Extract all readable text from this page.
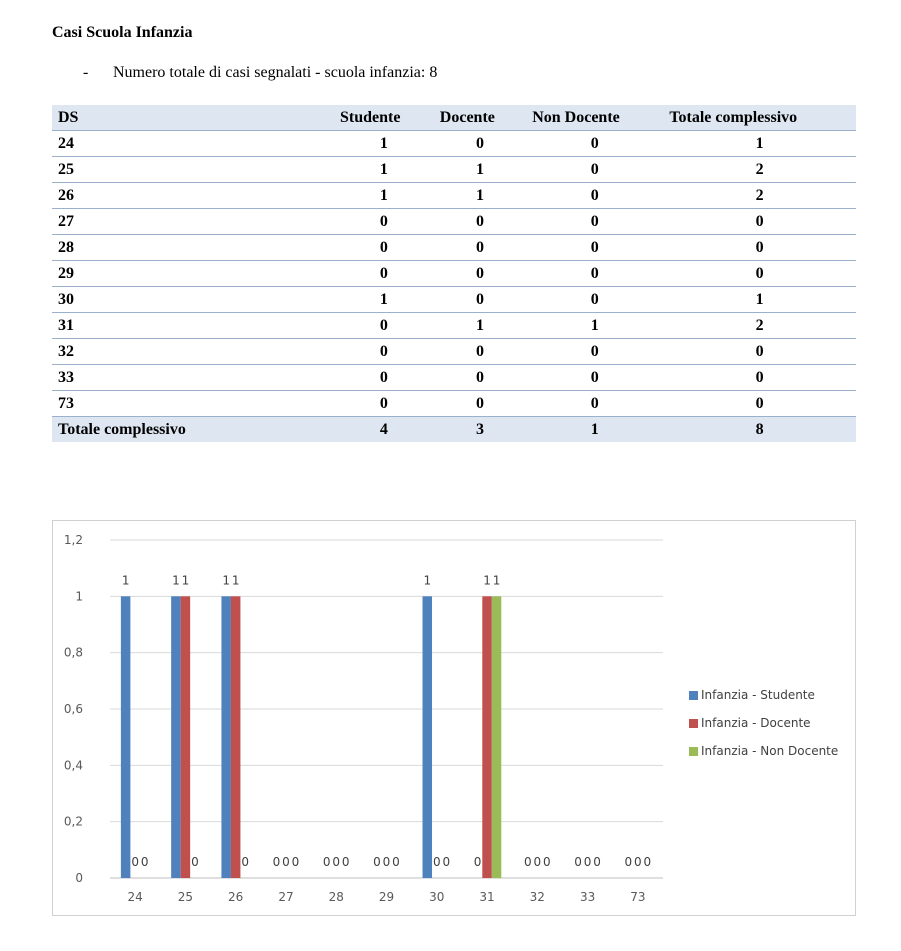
Casi Scuola Infanzia
- Numero totale di casi segnalati - scuola infanzia: 8
DS	Studente	Docente	Non Docente	Totale complessivo
24	1	0	0	1
25	1	1	0	2
26	1	1	0	2
27	0	0	0	0
28	0	0	0	0
29	0	0	0	0
30	1	0	0	1
31	0	1	1	2
32	0	0	0	0
33	0	0	0	0
73	0	0	0	0
Totale complessivo	4	3	1	8
0
0,2
0,4
0,6
0,8
1
1,2
24
1
0 0
25
1 1
0
26
1 1
0
27
0 0 0
28
0 0 0
29
0 0 0
30
1
0 0
31
0
1 1
32
0 0 0
33
0 0 0
73
0 0 0
Infanzia - Studente
Infanzia - Docente
Infanzia - Non Docente
